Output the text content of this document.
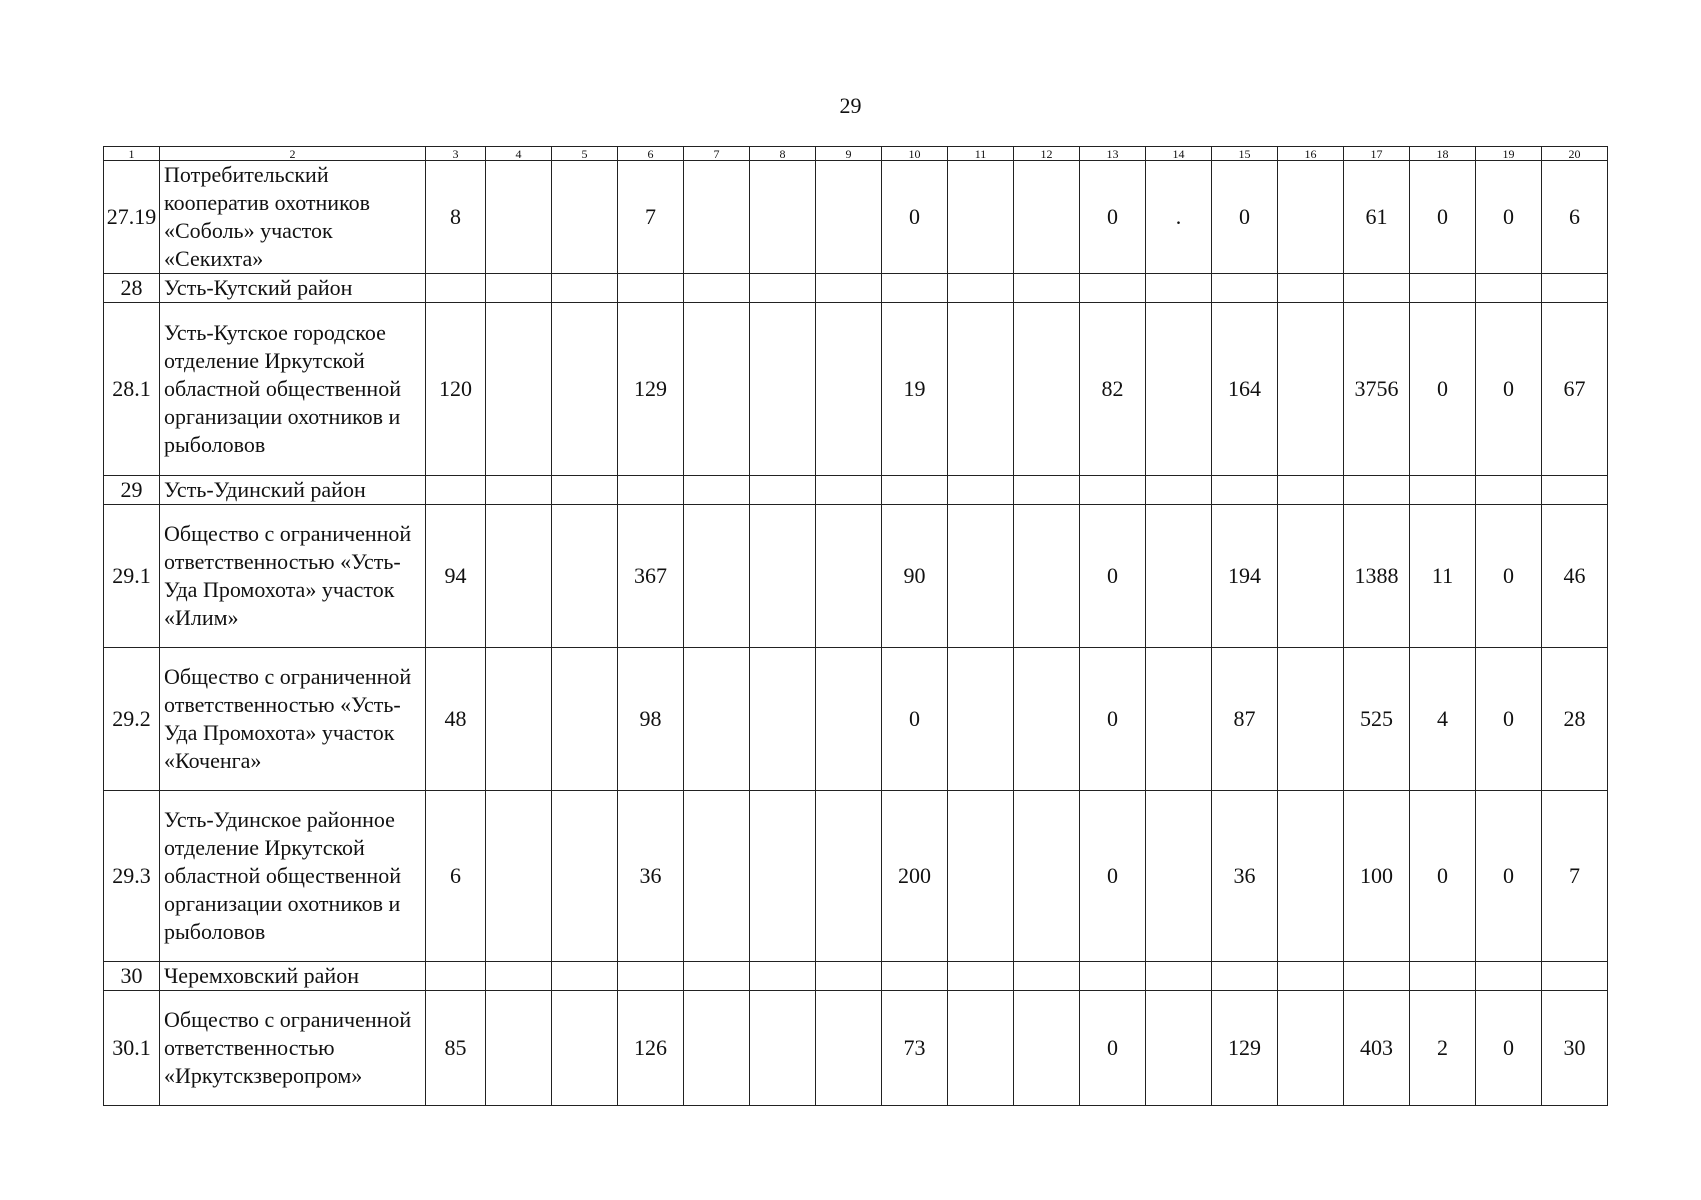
29
1	2	3	4	5	6	7	8	9	10	11	12	13	14	15	16	17	18	19	20
27.19	Потребительский кооператив охотников «Соболь» участок «Секихта»	8			7				0			0	.	0		61	0	0	6
28	Усть-Кутский район																		
28.1	Усть-Кутское городское отделение Иркутской областной общественной организации охотников и рыболовов	120			129				19			82		164		3756	0	0	67
29	Усть-Удинский район																		
29.1	Общество с ограниченной ответственностью «Усть-Уда Промохота» участок «Илим»	94			367				90			0		194		1388	11	0	46
29.2	Общество с ограниченной ответственностью «Усть-Уда Промохота» участок «Коченга»	48			98				0			0		87		525	4	0	28
29.3	Усть-Удинское районное отделение Иркутской областной общественной организации охотников и рыболовов	6			36				200			0		36		100	0	0	7
30	Черемховский район																		
30.1	Общество с ограниченной ответственностью «Иркутскзверопром»	85			126				73			0		129		403	2	0	30
